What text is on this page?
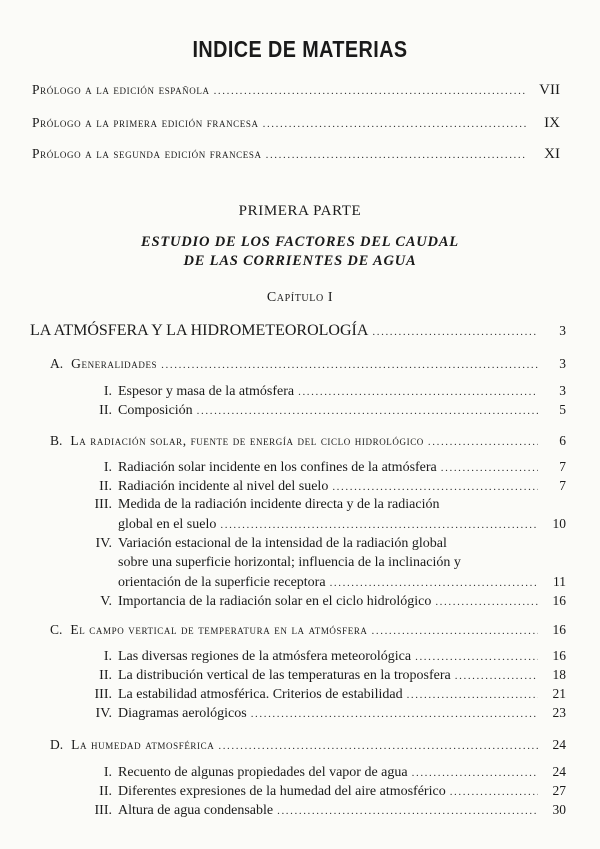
INDICE DE MATERIAS
Prólogo a la edición española .....	VII
Prólogo a la primera edición francesa .....	IX
Prólogo a la segunda edición francesa .....	XI
PRIMERA PARTE
ESTUDIO DE LOS FACTORES DEL CAUDAL
DE LAS CORRIENTES DE AGUA
Capítulo I
LA ATMÓSFERA Y LA HIDROMETEOROLOGÍA .....	3
A. Generalidades .....	3
I. Espesor y masa de la atmósfera .....	3
II. Composición .....	5
B. La radiación solar, fuente de energía del ciclo hidrológico .....	6
I. Radiación solar incidente en los confines de la atmósfera .....	7
II. Radiación incidente al nivel del suelo .....	7
III. Medida de la radiación incidente directa y de la radiación
global en el suelo .....	10
IV. Variación estacional de la intensidad de la radiación global
sobre una superficie horizontal; influencia de la inclinación y
orientación de la superficie receptora .....	11
V. Importancia de la radiación solar en el ciclo hidrológico .....	16
C. El campo vertical de temperatura en la atmósfera .....	16
I. Las diversas regiones de la atmósfera meteorológica .....	16
II. La distribución vertical de las temperaturas en la troposfera .....	18
III. La estabilidad atmosférica. Criterios de estabilidad .....	21
IV. Diagramas aerológicos .....	23
D. La humedad atmosférica .....	24
I. Recuento de algunas propiedades del vapor de agua .....	24
II. Diferentes expresiones de la humedad del aire atmosférico .....	27
III. Altura de agua condensable .....	30
